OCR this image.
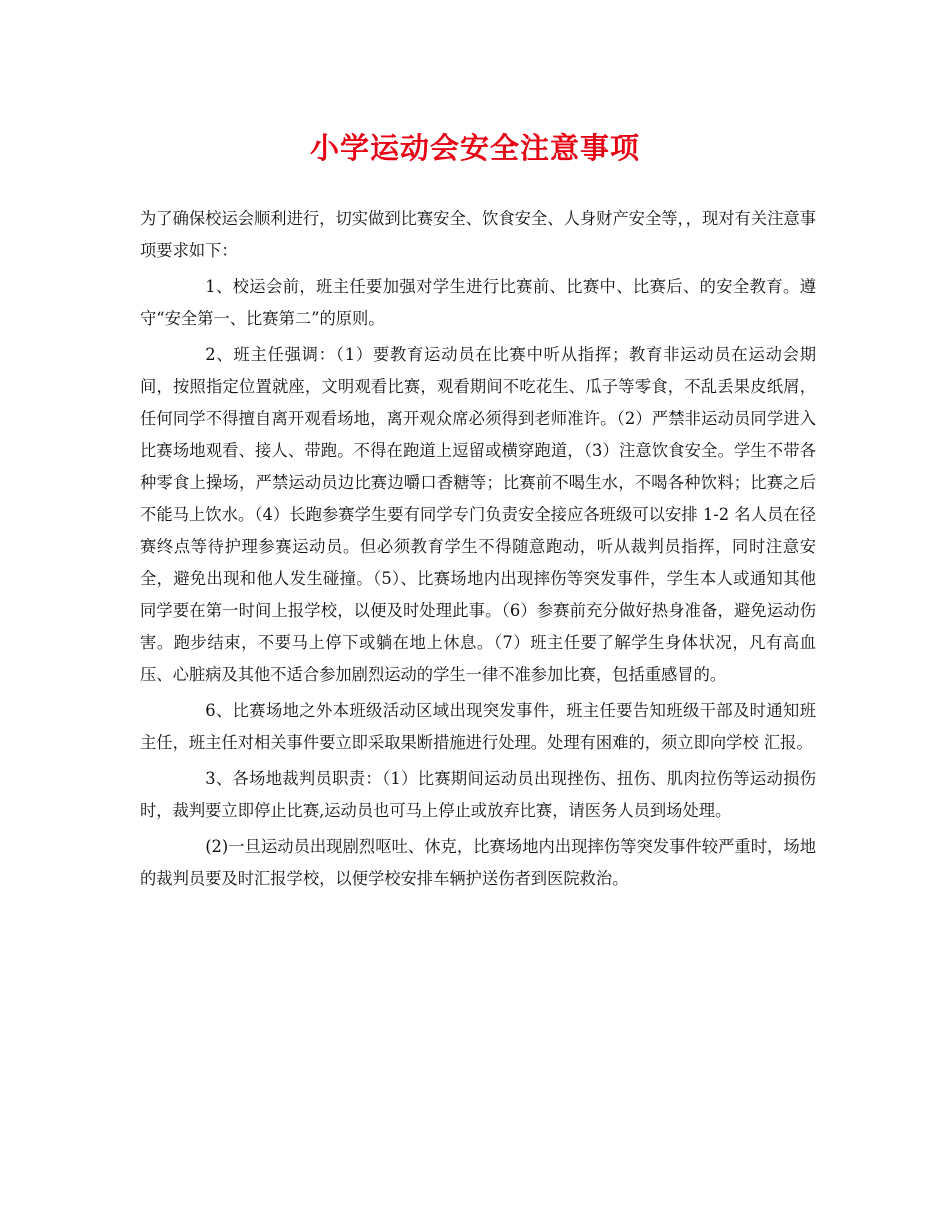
小学运动会安全注意事项

为了确保校运会顺利进行，切实做到比赛安全、饮食安全、人身财产安全等，，现对有关注意事项要求如下：

1、校运会前，班主任要加强对学生进行比赛前、比赛中、比赛后、的安全教育。遵守“安全第一、比赛第二”的原则。

2、班主任强调：（1）要教育运动员在比赛中听从指挥；教育非运动员在运动会期间，按照指定位置就座，文明观看比赛，观看期间不吃花生、瓜子等零食，不乱丢果皮纸屑，任何同学不得擅自离开观看场地，离开观众席必须得到老师准许。（2）严禁非运动员同学进入比赛场地观看、接人、带跑。不得在跑道上逗留或横穿跑道，（3）注意饮食安全。学生不带各种零食上操场，严禁运动员边比赛边嚼口香糖等；比赛前不喝生水，不喝各种饮料；比赛之后不能马上饮水。（4）长跑参赛学生要有同学专门负责安全接应各班级可以安排 1-2 名人员在径赛终点等待护理参赛运动员。但必须教育学生不得随意跑动，听从裁判员指挥，同时注意安全，避免出现和他人发生碰撞。（5）、比赛场地内出现摔伤等突发事件，学生本人或通知其他同学要在第一时间上报学校，以便及时处理此事。（6）参赛前充分做好热身准备，避免运动伤害。跑步结束，不要马上停下或躺在地上休息。（7）班主任要了解学生身体状况，凡有高血压、心脏病及其他不适合参加剧烈运动的学生一律不准参加比赛，包括重感冒的。

6、比赛场地之外本班级活动区域出现突发事件，班主任要告知班级干部及时通知班主任，班主任对相关事件要立即采取果断措施进行处理。处理有困难的，须立即向学校 汇报。

3、各场地裁判员职责：（1）比赛期间运动员出现挫伤、扭伤、肌肉拉伤等运动损伤时，裁判要立即停止比赛,运动员也可马上停止或放弃比赛，请医务人员到场处理。

(2)一旦运动员出现剧烈呕吐、休克，比赛场地内出现摔伤等突发事件较严重时，场地的裁判员要及时汇报学校，以便学校安排车辆护送伤者到医院救治。
